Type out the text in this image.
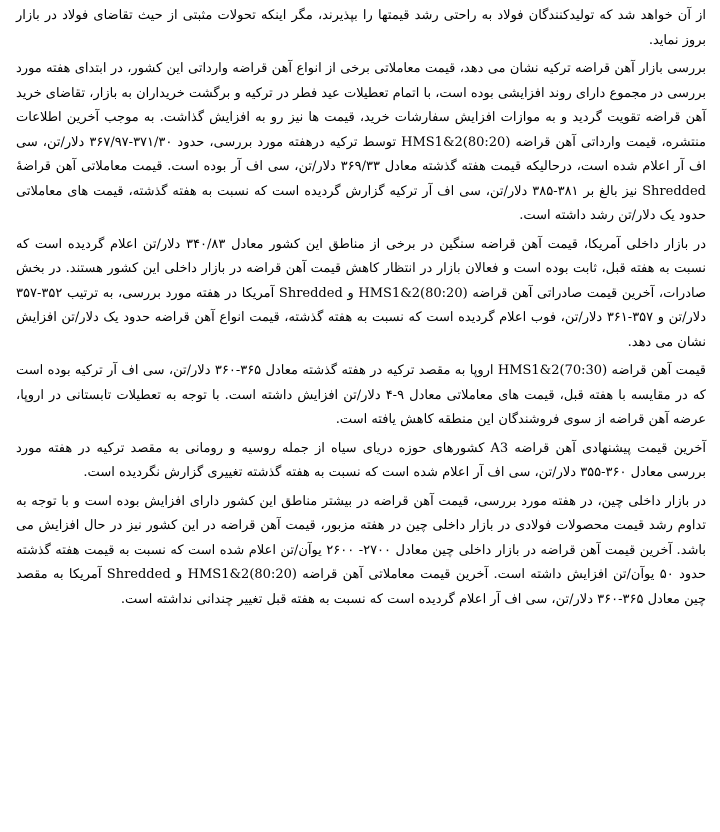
از آن خواهد شد که تولیدکنندگان فولاد به راحتی رشد قیمتها را بپذیرند، مگر اینکه تحولات مثبتی از حیث تقاضای فولاد در بازار بروز نماید.

بررسی بازار آهن قراضه ترکیه نشان می دهد، قیمت معاملاتی برخی از انواع آهن قراضه وارداتی این کشور، در ابتدای هفته مورد بررسی در مجموع دارای روند افزایشی بوده است، با اتمام تعطیلات عید فطر در ترکیه و برگشت خریداران به بازار، تقاضای خرید آهن قراضه تقویت گردید و به موازات افزایش سفارشات خرید، قیمت ها نیز رو به افزایش گذاشت. به موجب آخرین اطلاعات منتشره، قیمت وارداتی آهن قراضه HMS1&2(80:20) توسط ترکیه درهفته مورد بررسی، حدود ۳۷۱/۳۰-۳۶۷/۹۷ دلار/تن، سی اف آر اعلام شده است، درحالیکه قیمت هفته گذشته معادل ۳۶۹/۳۳ دلار/تن، سی اف آر بوده است. قیمت معاملاتی آهن قراضهٔ Shredded نیز بالغ بر ۳۸۱-۳۸۵ دلار/تن، سی اف آر ترکیه گزارش گردیده است که نسبت به هفته گذشته، قیمت های معاملاتی حدود یک دلار/تن رشد داشته است.

در بازار داخلی آمریکا، قیمت آهن قراضه سنگین در برخی از مناطق این کشور معادل ۳۴۰/۸۳ دلار/تن اعلام گردیده است که نسبت به هفته قبل، ثابت بوده است و فعالان بازار در انتظار کاهش قیمت آهن قراضه در بازار داخلی این کشور هستند. در بخش صادرات، آخرین قیمت صادراتی آهن قراضه HMS1&2(80:20) و Shredded آمریکا در هفته مورد بررسی، به ترتیب ۳۵۲-۳۵۷ دلار/تن و ۳۵۷-۳۶۱ دلار/تن، فوب اعلام گردیده است که نسبت به هفته گذشته، قیمت انواع آهن قراضه حدود یک دلار/تن افزایش نشان می دهد.

قیمت آهن قراضه HMS1&2(70:30) اروپا به مقصد ترکیه در هفته گذشته معادل ۳۶۵-۳۶۰ دلار/تن، سی اف آر ترکیه بوده است که در مقایسه با هفته قبل، قیمت های معاملاتی معادل ۹-۴ دلار/تن افزایش داشته است. با توجه به تعطیلات تابستانی در اروپا، عرضه آهن قراضه از سوی فروشندگان این منطقه کاهش یافته است.

آخرین قیمت پیشنهادی آهن قراضه A3 کشورهای حوزه دریای سیاه از جمله روسیه و رومانی به مقصد ترکیه در هفته مورد بررسی معادل ۳۶۰-۳۵۵ دلار/تن، سی اف آر اعلام شده است که نسبت به هفته گذشته تغییری گزارش نگردیده است.

در بازار داخلی چین، در هفته مورد بررسی، قیمت آهن قراضه در بیشتر مناطق این کشور دارای افزایش بوده است و با توجه به تداوم رشد قیمت محصولات فولادی در بازار داخلی چین در هفته مزبور، قیمت آهن قراضه در این کشور نیز در حال افزایش می باشد. آخرین قیمت آهن قراضه در بازار داخلی چین معادل ۲۷۰۰- ۲۶۰۰ یوآن/تن اعلام شده است که نسبت به قیمت هفته گذشته حدود ۵۰ یوآن/تن افزایش داشته است. آخرین قیمت معاملاتی آهن قراضه HMS1&2(80:20) و Shredded آمریکا به مقصد چین معادل ۳۶۵-۳۶۰ دلار/تن، سی اف آر اعلام گردیده است که نسبت به هفته قبل تغییر چندانی نداشته است.
